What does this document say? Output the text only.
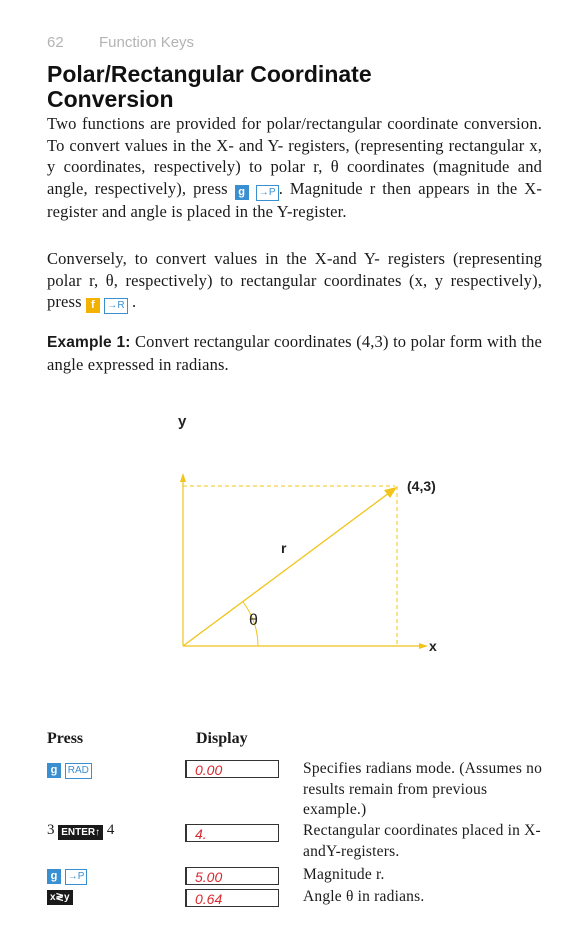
62 Function Keys
Polar/Rectangular Coordinate
Conversion
Two functions are provided for polar/rectangular coordinate conversion. To convert values in the X- and Y- registers, (representing rectangular x, y coordinates, respectively) to polar r, θ coordinates (magnitude and angle, respectively), press g →P . Magnitude r then appears in the X-register and angle is placed in the Y-register.
Conversely, to convert values in the X-and Y- registers (representing polar r, θ, respectively) to rectangular coordinates (x, y respectively), press f →R .
Example 1: Convert rectangular coordinates (4,3) to polar form with the angle expressed in radians.
y
x
(4,3)
r
θ
Press	Display
g RAD	0.00	Specifies radians mode. (Assumes no results remain from previous example.)
3 ENTER↑ 4	4.	Rectangular coordinates placed in X-andY-registers.
g →P	5.00	Magnitude r.
x≷y	0.64	Angle θ in radians.
